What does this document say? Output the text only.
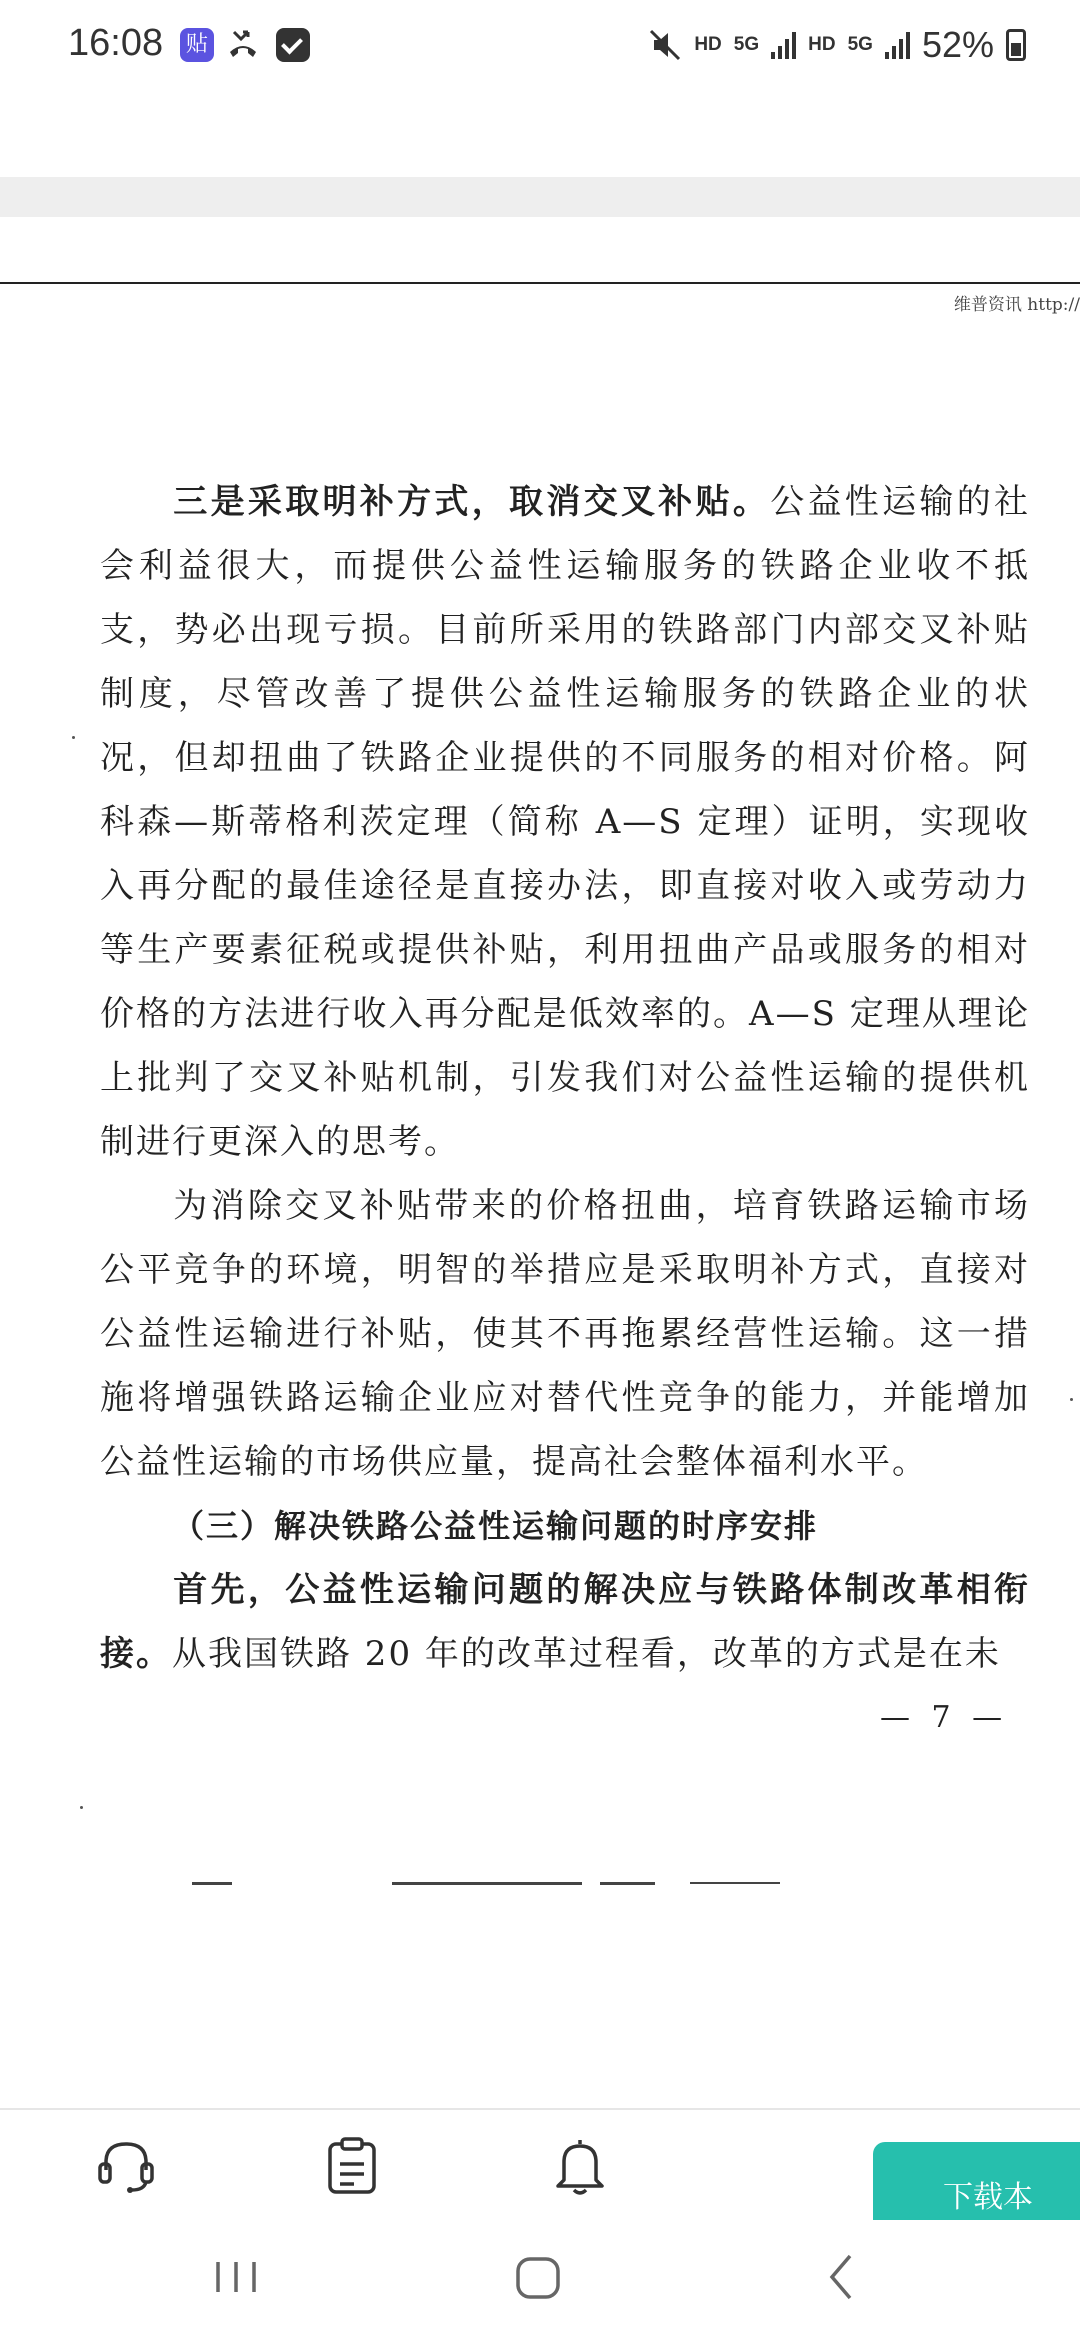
16:08 贴	HD 5G	HD 5G 52%
维普资讯 http://

三是采取明补方式，取消交叉补贴。公益性运输的社会利益很大，而提供公益性运输服务的铁路企业收不抵支，势必出现亏损。目前所采用的铁路部门内部交叉补贴制度，尽管改善了提供公益性运输服务的铁路企业的状况，但却扭曲了铁路企业提供的不同服务的相对价格。阿科森—斯蒂格利茨定理（简称 A—S 定理）证明，实现收入再分配的最佳途径是直接办法，即直接对收入或劳动力等生产要素征税或提供补贴，利用扭曲产品或服务的相对价格的方法进行收入再分配是低效率的。A—S 定理从理论上批判了交叉补贴机制，引发我们对公益性运输的提供机制进行更深入的思考。

为消除交叉补贴带来的价格扭曲，培育铁路运输市场公平竞争的环境，明智的举措应是采取明补方式，直接对公益性运输进行补贴，使其不再拖累经营性运输。这一措施将增强铁路运输企业应对替代性竞争的能力，并能增加公益性运输的市场供应量，提高社会整体福利水平。

（三）解决铁路公益性运输问题的时序安排

首先，公益性运输问题的解决应与铁路体制改革相衔接。从我国铁路 20 年的改革过程看，改革的方式是在未

— 7 —
下载本
